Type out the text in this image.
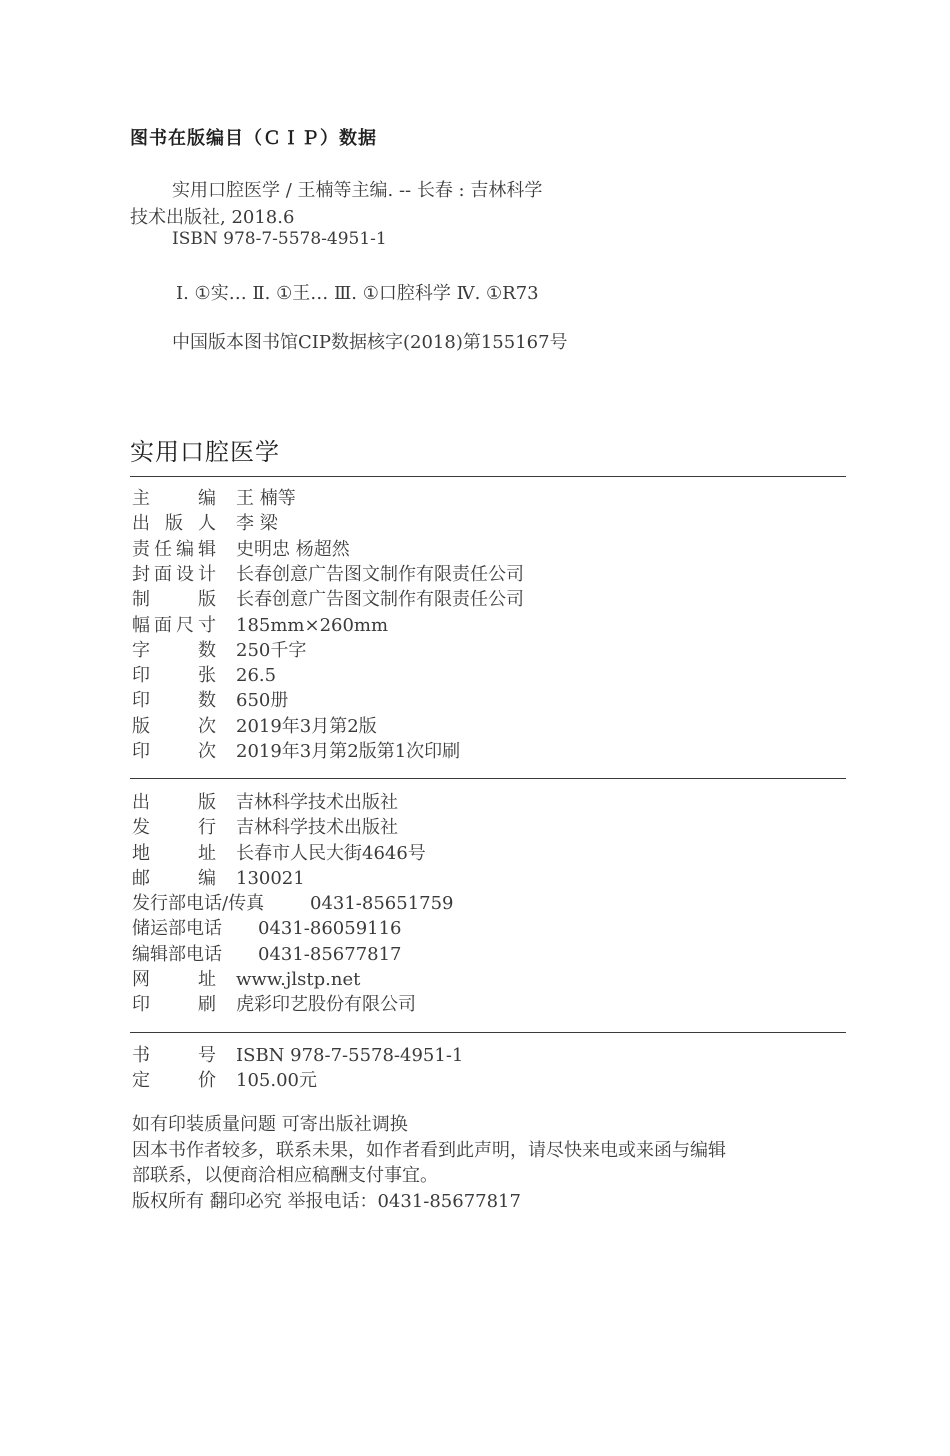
图书在版编目（ＣＩＰ）数据
实用口腔医学 / 王楠等主编. -- 长春 : 吉林科学
技术出版社, 2018.6
ISBN 978-7-5578-4951-1
Ⅰ. ①实… Ⅱ. ①王… Ⅲ. ①口腔科学 Ⅳ. ①R73
中国版本图书馆CIP数据核字(2018)第155167号
实用口腔医学
主	编 王 楠等
出 版 人 李 梁
责 任 编 辑 史明忠 杨超然
封 面 设 计 长春创意广告图文制作有限责任公司
制	版 长春创意广告图文制作有限责任公司
幅 面 尺 寸 185mm×260mm
字	数 250千字
印	张 26.5
印	数 650册
版	次 2019年3月第2版
印	次 2019年3月第2版第1次印刷
出	版 吉林科学技术出版社
发	行 吉林科学技术出版社
地	址 长春市人民大街4646号
邮	编 130021
发行部电话/传真	0431-85651759
储运部电话 0431-86059116
编辑部电话 0431-85677817
网	址 www.jlstp.net
印	刷 虎彩印艺股份有限公司
书	号 ISBN 978-7-5578-4951-1
定	价 105.00元
如有印装质量问题 可寄出版社调换
因本书作者较多，联系未果，如作者看到此声明，请尽快来电或来函与编辑
部联系，以便商洽相应稿酬支付事宜。
版权所有 翻印必究 举报电话：0431-85677817
